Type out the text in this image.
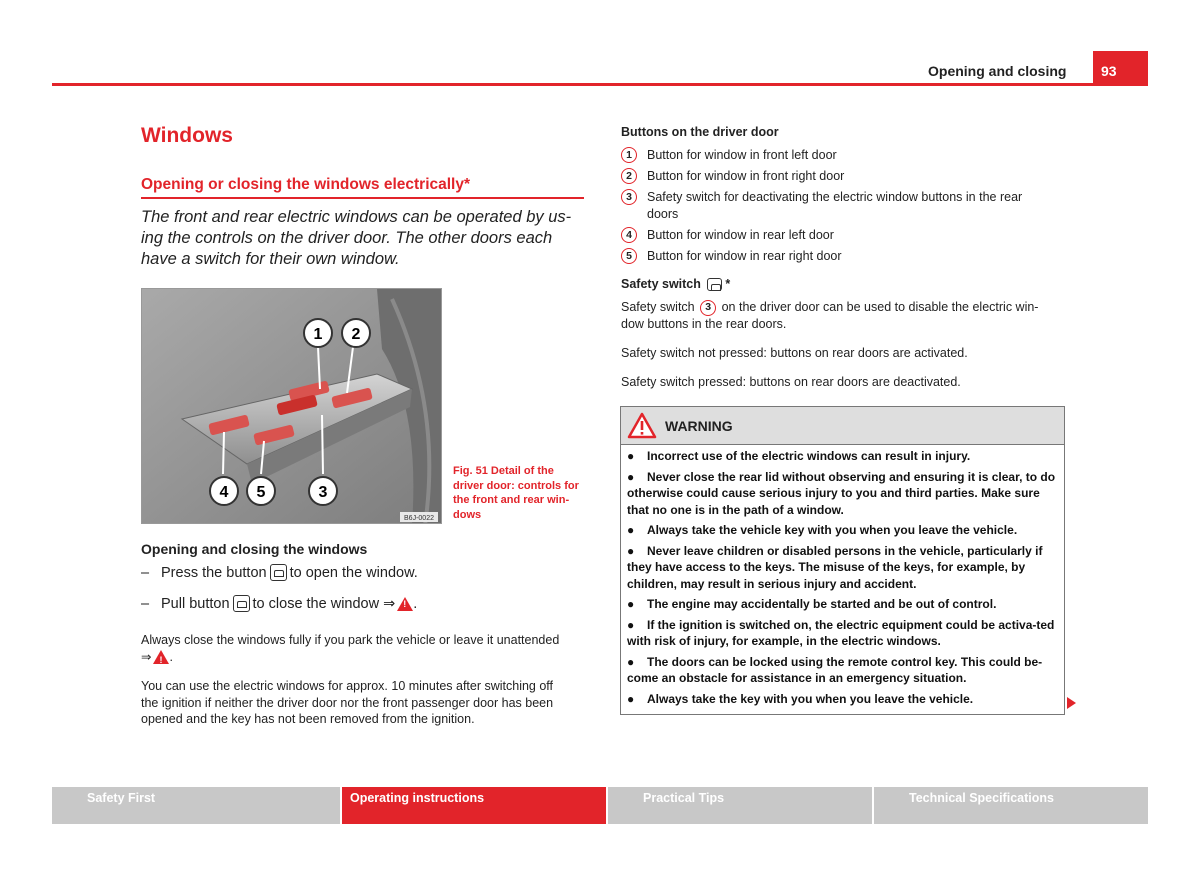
Opening and closing	93
Windows
Opening or closing the windows electrically*
The front and rear electric windows can be operated by us-
ing the controls on the driver door. The other doors each
have a switch for their own window.
1 2
3
4 5
B6J-0022
Fig. 51 Detail of the
driver door: controls for
the front and rear win-
dows
Opening and closing the windows
– Press the button to open the window.
– Pull button to close the window ⇒ ! .
Always close the windows fully if you park the vehicle or leave it unattended
⇒ ! .
You can use the electric windows for approx. 10 minutes after switching off
the ignition if neither the driver door nor the front passenger door has been
opened and the key has not been removed from the ignition.
Buttons on the driver door
1	Button for window in front left door
2	Button for window in front right door
3	Safety switch for deactivating the electric window buttons in the rear doors
4	Button for window in rear left door
5	Button for window in rear right door
Safety switch *
Safety switch 3 on the driver door can be used to disable the electric win-dow buttons in the rear doors.
Safety switch not pressed: buttons on rear doors are activated.
Safety switch pressed: buttons on rear doors are deactivated.
WARNING
● Incorrect use of the electric windows can result in injury.
● Never close the rear lid without observing and ensuring it is clear, to do otherwise could cause serious injury to you and third parties. Make sure that no one is in the path of a window.
● Always take the vehicle key with you when you leave the vehicle.
● Never leave children or disabled persons in the vehicle, particularly if they have access to the keys. The misuse of the keys, for example, by children, may result in serious injury and accident.
● The engine may accidentally be started and be out of control.
● If the ignition is switched on, the electric equipment could be activa-ted with risk of injury, for example, in the electric windows.
● The doors can be locked using the remote control key. This could be-come an obstacle for assistance in an emergency situation.
● Always take the key with you when you leave the vehicle.
Safety First	Operating instructions	Practical Tips	Technical Specifications
